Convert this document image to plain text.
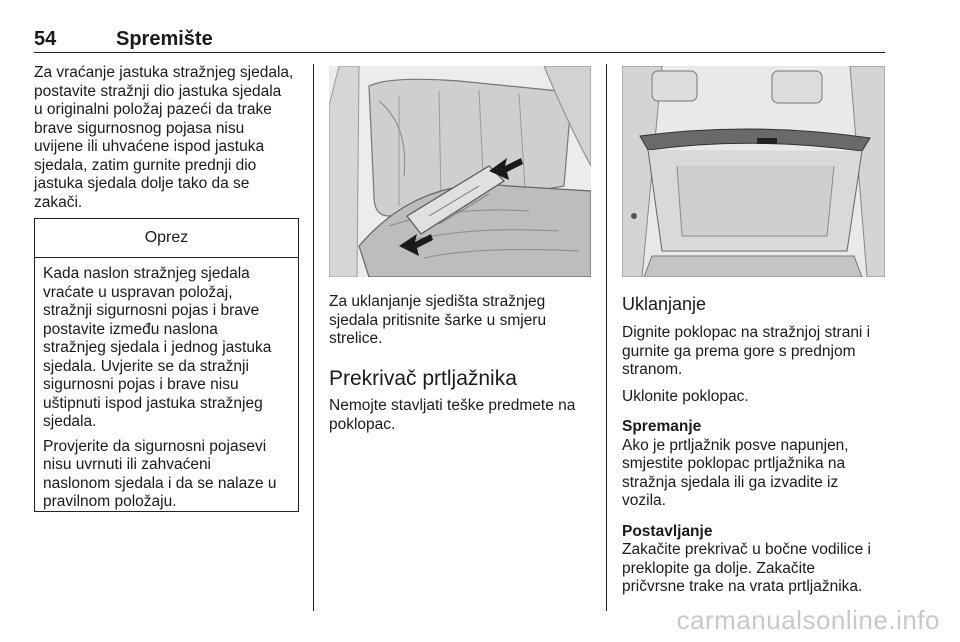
54	Spremište
Za vraćanje jastuka stražnjeg sjedala,
postavite stražnji dio jastuka sjedala
u originalni položaj pazeći da trake
brave sigurnosnog pojasa nisu
uvijene ili uhvaćene ispod jastuka
sjedala, zatim gurnite prednji dio
jastuka sjedala dolje tako da se
zakači.
Oprez
Kada naslon stražnjeg sjedala
vraćate u uspravan položaj,
stražnji sigurnosni pojas i brave
postavite između naslona
stražnjeg sjedala i jednog jastuka
sjedala. Uvjerite se da stražnji
sigurnosni pojas i brave nisu
uštipnuti ispod jastuka stražnjeg
sjedala.
Provjerite da sigurnosni pojasevi
nisu uvrnuti ili zahvaćeni
naslonom sjedala i da se nalaze u
pravilnom položaju.
Za uklanjanje sjedišta stražnjeg
sjedala pritisnite šarke u smjeru
strelice.
Prekrivač prtljažnika
Nemojte stavljati teške predmete na
poklopac.
Uklanjanje
Dignite poklopac na stražnjoj strani i
gurnite ga prema gore s prednjom
stranom.
Uklonite poklopac.
Spremanje
Ako je prtljažnik posve napunjen,
smjestite poklopac prtljažnika na
stražnja sjedala ili ga izvadite iz
vozila.
Postavljanje
Zakačite prekrivač u bočne vodilice i
preklopite ga dolje. Zakačite
pričvrsne trake na vrata prtljažnika.
carmanualsonline.info
